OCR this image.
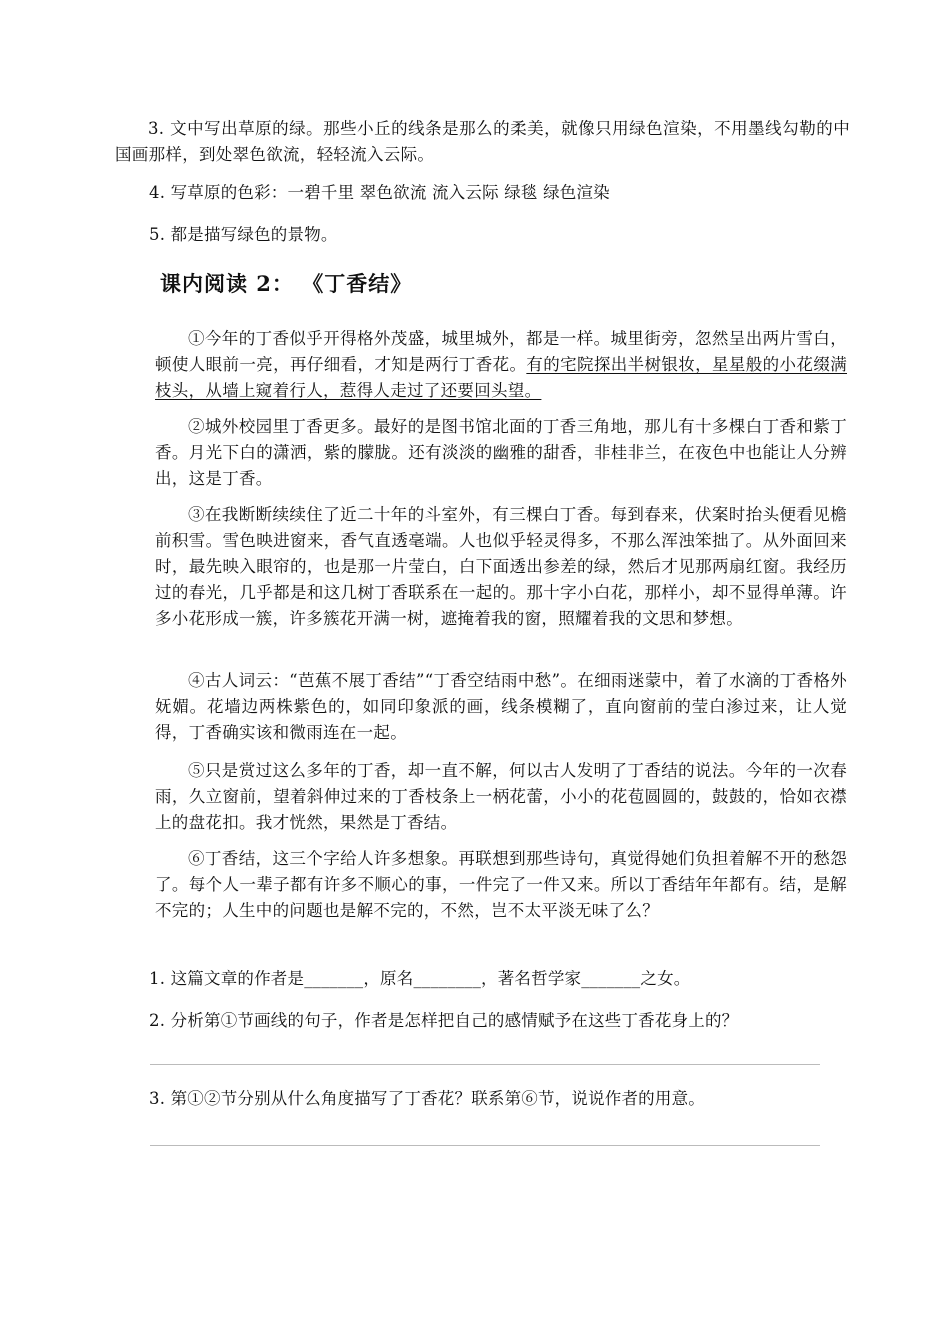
3. 文中写出草原的绿。那些小丘的线条是那么的柔美，就像只用绿色渲染，不用墨线勾勒的中国画那样，到处翠色欲流，轻轻流入云际。
4. 写草原的色彩：一碧千里 翠色欲流 流入云际 绿毯 绿色渲染
5. 都是描写绿色的景物。
课内阅读 2： 《丁香结》
①今年的丁香似乎开得格外茂盛，城里城外，都是一样。城里街旁，忽然呈出两片雪白，顿使人眼前一亮，再仔细看，才知是两行丁香花。有的宅院探出半树银妆，星星般的小花缀满枝头，从墙上窥着行人，惹得人走过了还要回头望。
②城外校园里丁香更多。最好的是图书馆北面的丁香三角地，那儿有十多棵白丁香和紫丁香。月光下白的潇洒，紫的朦胧。还有淡淡的幽雅的甜香，非桂非兰，在夜色中也能让人分辨出，这是丁香。
③在我断断续续住了近二十年的斗室外，有三棵白丁香。每到春来，伏案时抬头便看见檐前积雪。雪色映进窗来，香气直透毫端。人也似乎轻灵得多，不那么浑浊笨拙了。从外面回来时，最先映入眼帘的，也是那一片莹白，白下面透出参差的绿，然后才见那两扇红窗。我经历过的春光，几乎都是和这几树丁香联系在一起的。那十字小白花，那样小，却不显得单薄。许多小花形成一簇，许多簇花开满一树，遮掩着我的窗，照耀着我的文思和梦想。
④古人词云：“芭蕉不展丁香结”“丁香空结雨中愁”。在细雨迷蒙中，着了水滴的丁香格外妩媚。花墙边两株紫色的，如同印象派的画，线条模糊了，直向窗前的莹白渗过来，让人觉得，丁香确实该和微雨连在一起。
⑤只是赏过这么多年的丁香，却一直不解，何以古人发明了丁香结的说法。今年的一次春雨，久立窗前，望着斜伸过来的丁香枝条上一柄花蕾，小小的花苞圆圆的，鼓鼓的，恰如衣襟上的盘花扣。我才恍然，果然是丁香结。
⑥丁香结，这三个字给人许多想象。再联想到那些诗句，真觉得她们负担着解不开的愁怨了。每个人一辈子都有许多不顺心的事，一件完了一件又来。所以丁香结年年都有。结，是解不完的；人生中的问题也是解不完的，不然，岂不太平淡无味了么？
1. 这篇文章的作者是_______，原名________，著名哲学家_______之女。
2. 分析第①节画线的句子，作者是怎样把自己的感情赋予在这些丁香花身上的？
3. 第①②节分别从什么角度描写了丁香花？联系第⑥节，说说作者的用意。
